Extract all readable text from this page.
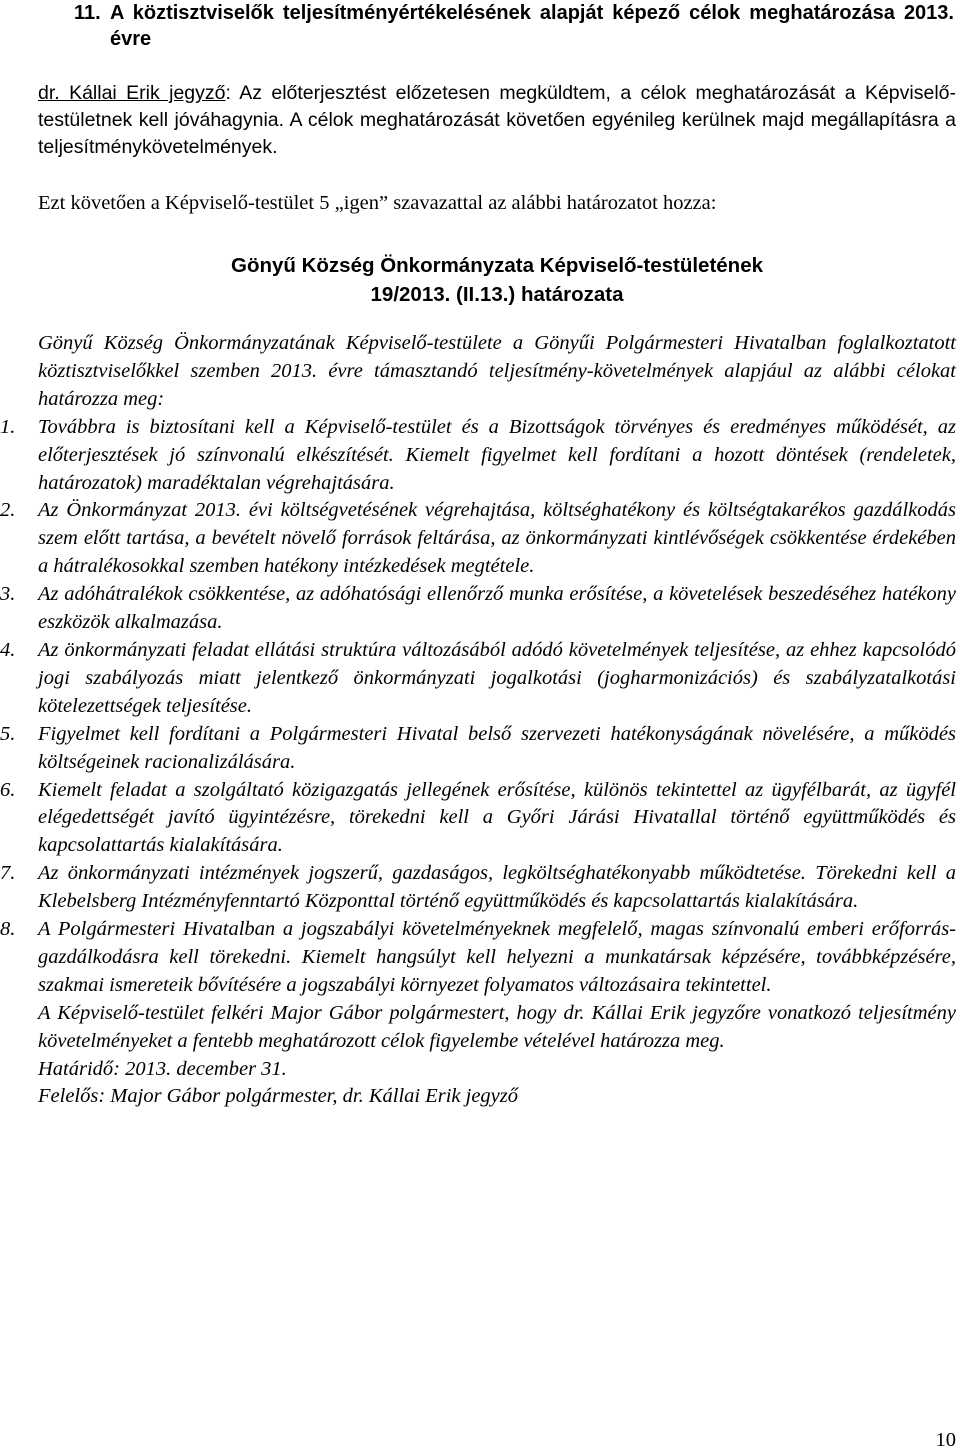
11. A köztisztviselők teljesítményértékelésének alapját képező célok meghatározása 2013. évre
dr. Kállai Erik jegyző: Az előterjesztést előzetesen megküldtem, a célok meghatározását a Képviselő-testületnek kell jóváhagynia. A célok meghatározását követően egyénileg kerülnek majd megállapításra a teljesítménykövetelmények.
Ezt követően a Képviselő-testület 5 „igen” szavazattal az alábbi határozatot hozza:
Gönyű Község Önkormányzata Képviselő-testületének
19/2013. (II.13.) határozata
Gönyű Község Önkormányzatának Képviselő-testülete a Gönyűi Polgármesteri Hivatalban foglalkoztatott köztisztviselőkkel szemben 2013. évre támasztandó teljesítmény-követelmények alapjául az alábbi célokat határozza meg:
1.	Továbbra is biztosítani kell a Képviselő-testület és a Bizottságok törvényes és eredményes működését, az előterjesztések jó színvonalú elkészítését. Kiemelt figyelmet kell fordítani a hozott döntések (rendeletek, határozatok) maradéktalan végrehajtására.
2.	Az Önkormányzat 2013. évi költségvetésének végrehajtása, költséghatékony és költségtakarékos gazdálkodás szem előtt tartása, a bevételt növelő források feltárása, az önkormányzati kintlévőségek csökkentése érdekében a hátralékosokkal szemben hatékony intézkedések megtétele.
3.	Az adóhátralékok csökkentése, az adóhatósági ellenőrző munka erősítése, a követelések beszedéséhez hatékony eszközök alkalmazása.
4.	Az önkormányzati feladat ellátási struktúra változásából adódó követelmények teljesítése, az ehhez kapcsolódó jogi szabályozás miatt jelentkező önkormányzati jogalkotási (jogharmonizációs) és szabályzatalkotási kötelezettségek teljesítése.
5.	Figyelmet kell fordítani a Polgármesteri Hivatal belső szervezeti hatékonyságának növelésére, a működés költségeinek racionalizálására.
6.	Kiemelt feladat a szolgáltató közigazgatás jellegének erősítése, különös tekintettel az ügyfélbarát, az ügyfél elégedettségét javító ügyintézésre, törekedni kell a Győri Járási Hivatallal történő együttműködés és kapcsolattartás kialakítására.
7.	Az önkormányzati intézmények jogszerű, gazdaságos, legköltséghatékonyabb működtetése. Törekedni kell a Klebelsberg Intézményfenntartó Központtal történő együttműködés és kapcsolattartás kialakítására.
8.	A Polgármesteri Hivatalban a jogszabályi követelményeknek megfelelő, magas színvonalú emberi erőforrás-gazdálkodásra kell törekedni. Kiemelt hangsúlyt kell helyezni a munkatársak képzésére, továbbképzésére, szakmai ismereteik bővítésére a jogszabályi környezet folyamatos változásaira tekintettel.

A Képviselő-testület felkéri Major Gábor polgármestert, hogy dr. Kállai Erik jegyzőre vonatkozó teljesítmény követelményeket a fentebb meghatározott célok figyelembe vételével határozza meg.

Határidő: 2013. december 31.

Felelős: Major Gábor polgármester, dr. Kállai Erik jegyző

10
